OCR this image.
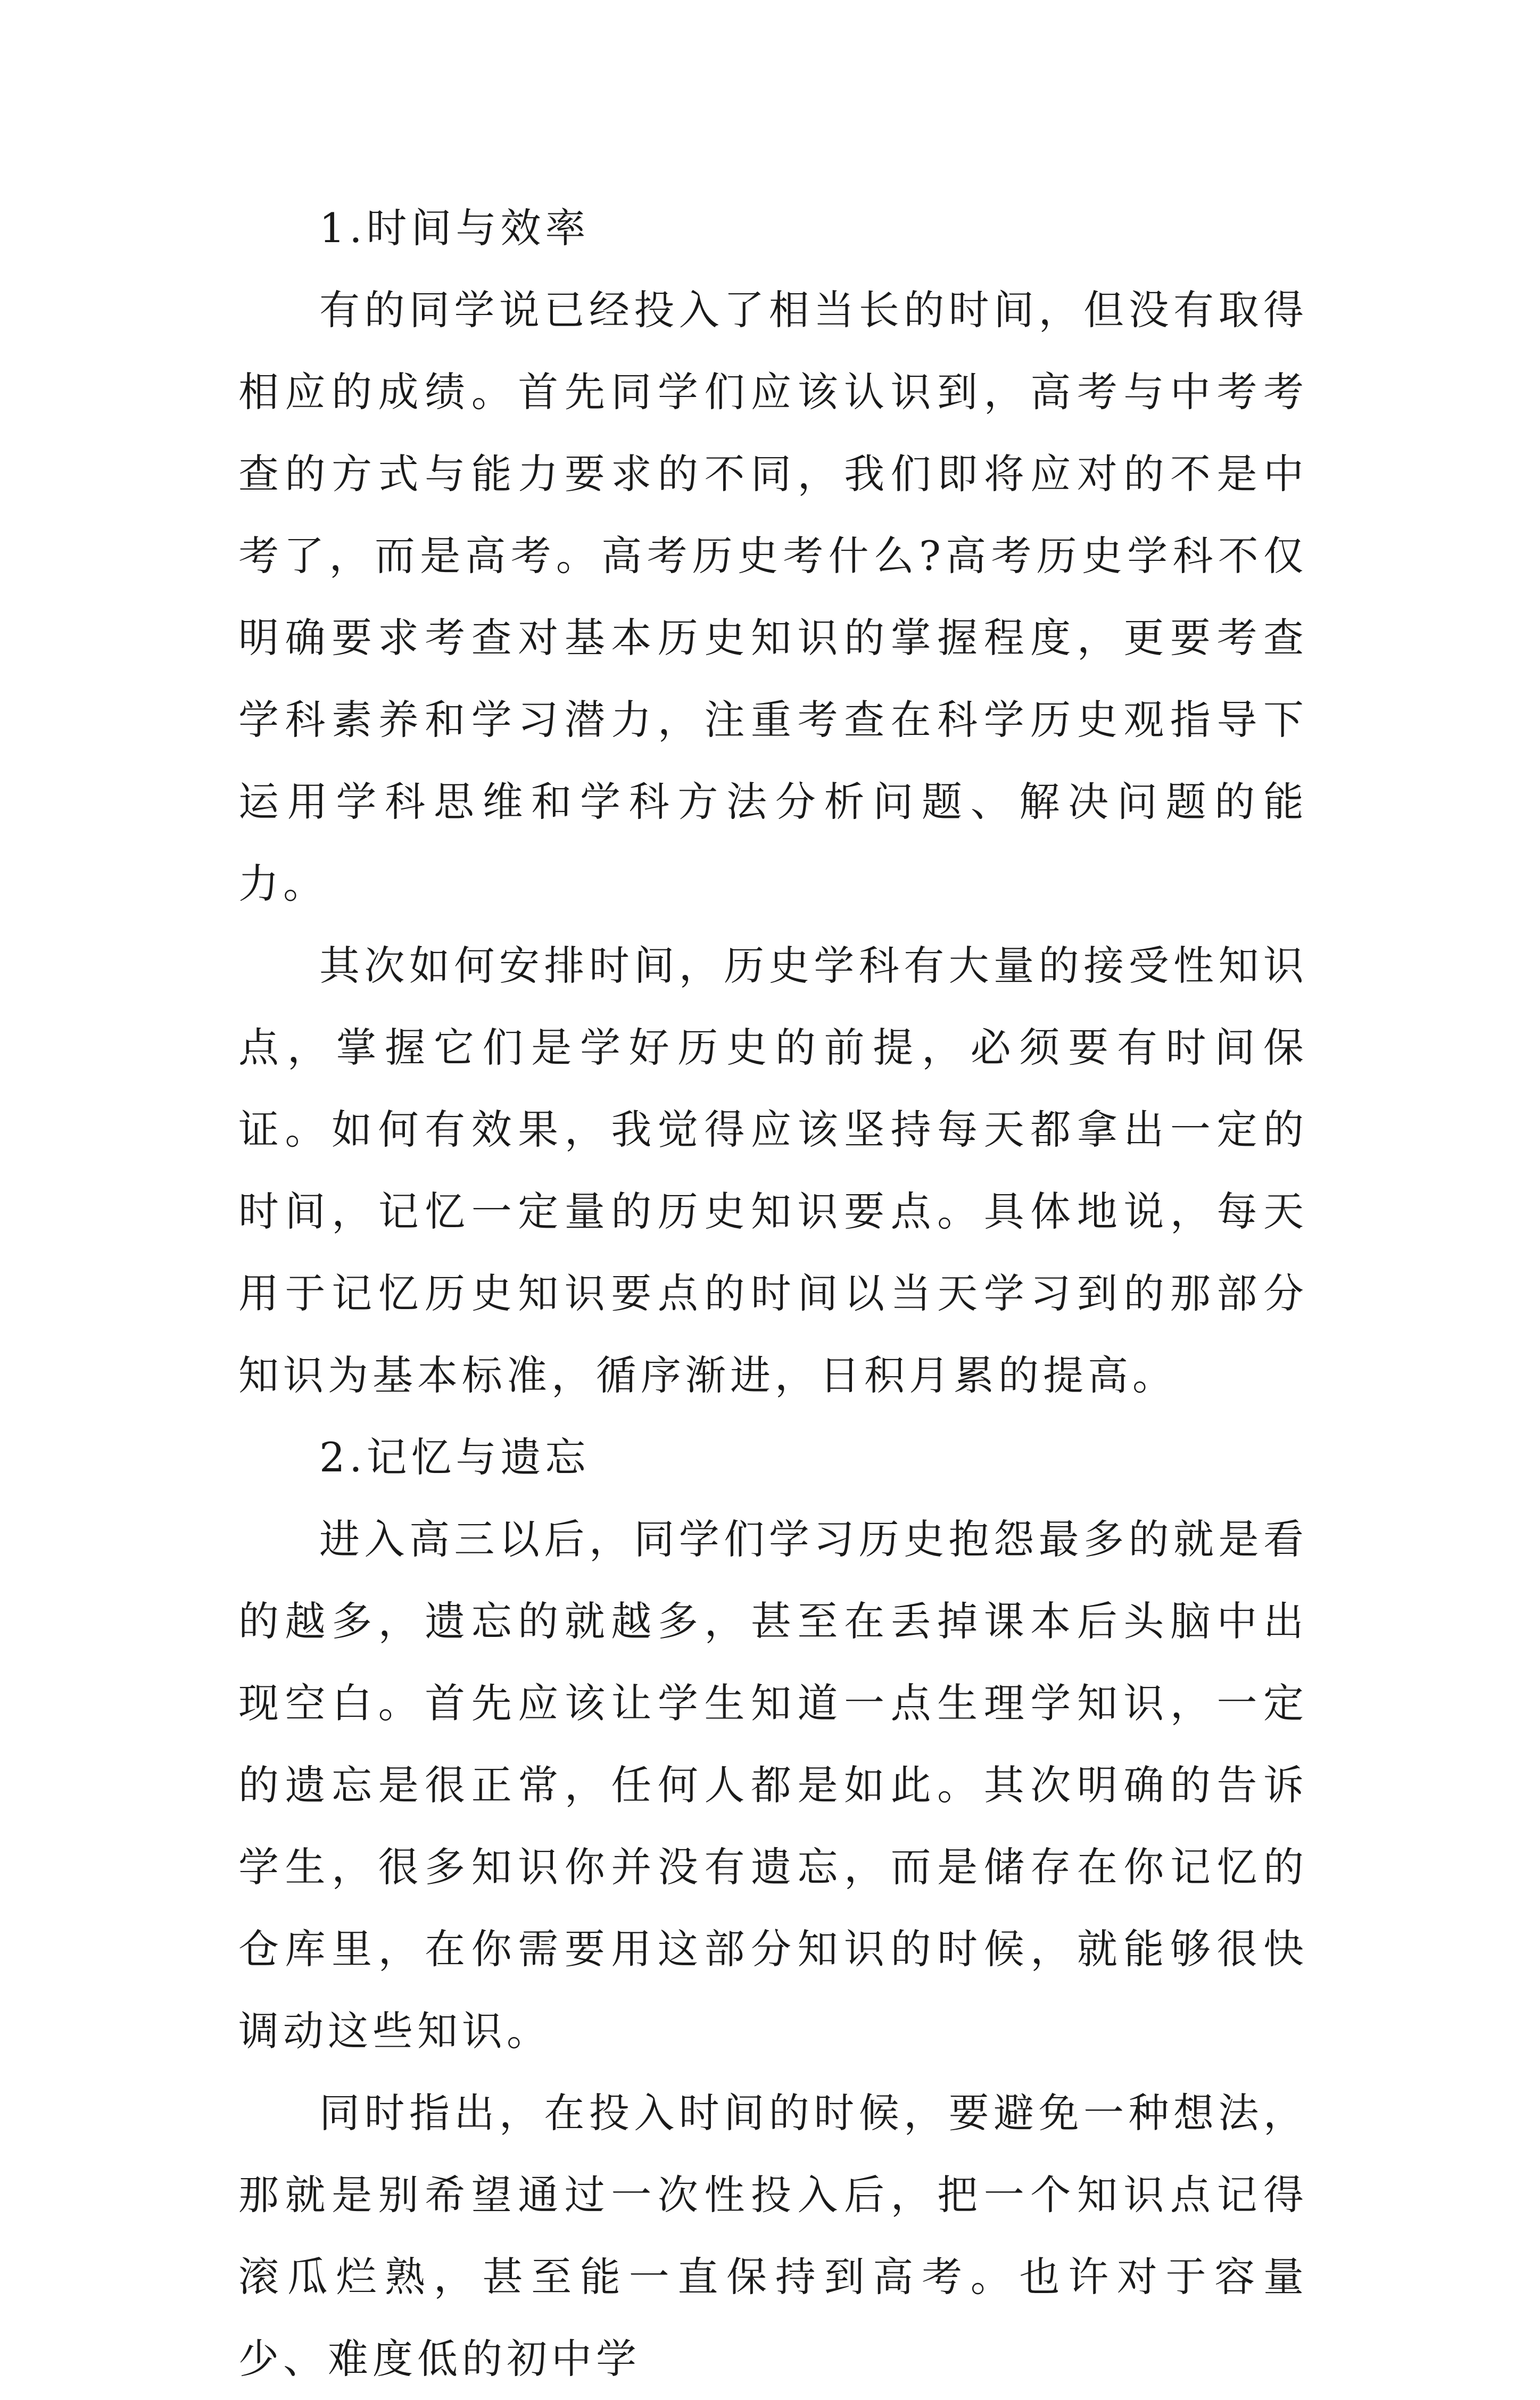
1.时间与效率

有的同学说已经投入了相当长的时间，但没有取得相应的成绩。首先同学们应该认识到，高考与中考考查的方式与能力要求的不同，我们即将应对的不是中考了，而是高考。高考历史考什么?高考历史学科不仅明确要求考查对基本历史知识的掌握程度，更要考查学科素养和学习潜力，注重考查在科学历史观指导下运用学科思维和学科方法分析问题、解决问题的能力。

其次如何安排时间，历史学科有大量的接受性知识点，掌握它们是学好历史的前提，必须要有时间保证。如何有效果，我觉得应该坚持每天都拿出一定的时间，记忆一定量的历史知识要点。具体地说，每天用于记忆历史知识要点的时间以当天学习到的那部分知识为基本标准，循序渐进，日积月累的提高。

2.记忆与遗忘

进入高三以后，同学们学习历史抱怨最多的就是看的越多，遗忘的就越多，甚至在丢掉课本后头脑中出现空白。首先应该让学生知道一点生理学知识，一定的遗忘是很正常，任何人都是如此。其次明确的告诉学生，很多知识你并没有遗忘，而是储存在你记忆的仓库里，在你需要用这部分知识的时候，就能够很快调动这些知识。

同时指出，在投入时间的时候，要避免一种想法，那就是别希望通过一次性投入后，把一个知识点记得滚瓜烂熟，甚至能一直保持到高考。也许对于容量少、难度低的初中学
